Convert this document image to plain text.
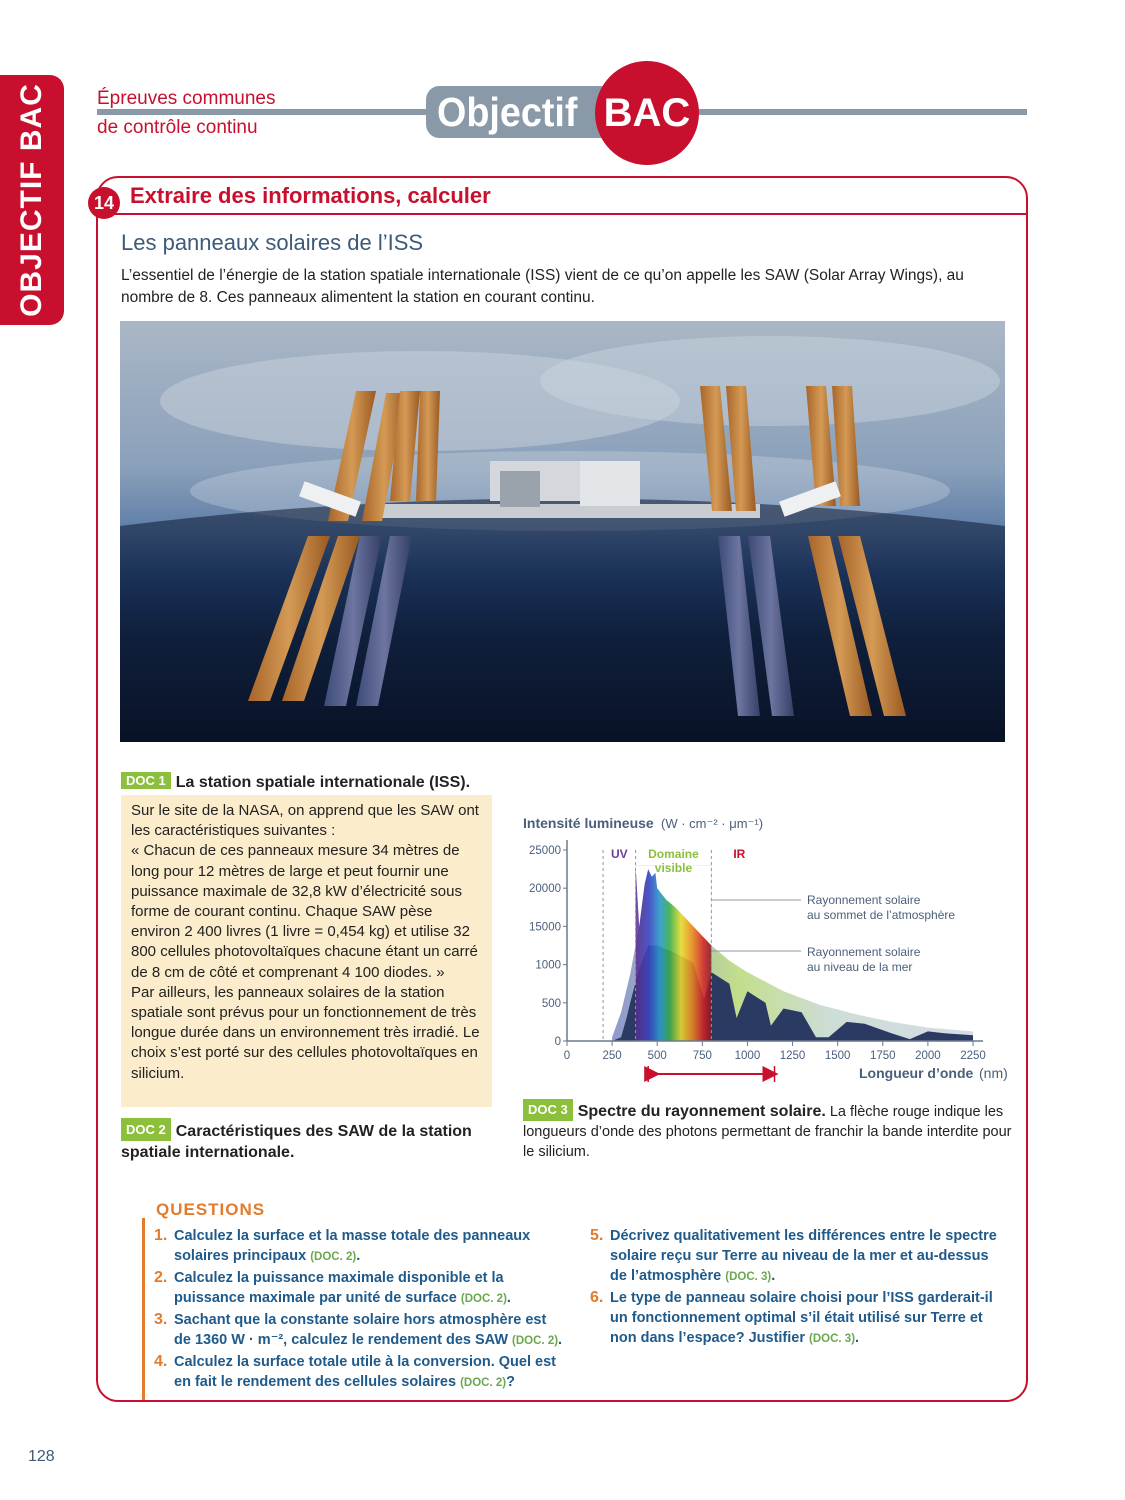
OBJECTIF BAC	Épreuves communes
de contrôle continu	Objectif BAC
14 Extraire des informations, calculer
Les panneaux solaires de l’ISS
L’essentiel de l’énergie de la station spatiale internationale (ISS) vient de ce qu’on appelle les SAW (Solar Array Wings), au nombre de 8. Ces panneaux alimentent la station en courant continu.
DOC 1 La station spatiale internationale (ISS).

Sur le site de la NASA, on apprend que les SAW ont les caractéristiques suivantes :

« Chacun de ces panneaux mesure 34 mètres de long pour 12 mètres de large et peut fournir une puissance maximale de 32,8 kW d’électricité sous forme de courant continu. Chaque SAW pèse environ 2 400 livres (1 livre = 0,454 kg) et utilise 32 800 cellules photovoltaïques chacune étant un carré de 8 cm de côté et comprenant 4 100 diodes. »

Par ailleurs, les panneaux solaires de la station spatiale sont prévus pour un fonctionnement de très longue durée dans un environnement très irradié. Le choix s’est porté sur des cellules photovoltaïques en silicium.

DOC 2 Caractéristiques des SAW de la station spatiale internationale.
Intensité lumineuse (W · cm⁻² · μm⁻¹)
0	250 500 750 1000 1250 1500 1750 2000 2250
0
500
1000
15000
20000
25000	UV Domaine
visible
IR
Rayonnement solaire
au sommet de l’atmosphère
Rayonnement solaire
au niveau de la mer
Longueur d’onde (nm)
DOC 3 Spectre du rayonnement solaire. La flèche rouge indique les longueurs d’onde des photons permettant de franchir la bande interdite pour le silicium.
QUESTIONS
1. Calculez la surface et la masse totale des panneaux solaires principaux (DOC. 2).
2. Calculez la puissance maximale disponible et la puissance maximale par unité de surface (DOC. 2).
3. Sachant que la constante solaire hors atmosphère est de 1360 W · m⁻², calculez le rendement des SAW (DOC. 2).
4. Calculez la surface totale utile à la conversion. Quel est en fait le rendement des cellules solaires (DOC. 2)?
5. Décrivez qualitativement les différences entre le spectre solaire reçu sur Terre au niveau de la mer et au-dessus de l’atmosphère (DOC. 3).
6. Le type de panneau solaire choisi pour l’ISS garderait-il un fonctionnement optimal s’il était utilisé sur Terre et non dans l’espace? Justifier (DOC. 3).
128
